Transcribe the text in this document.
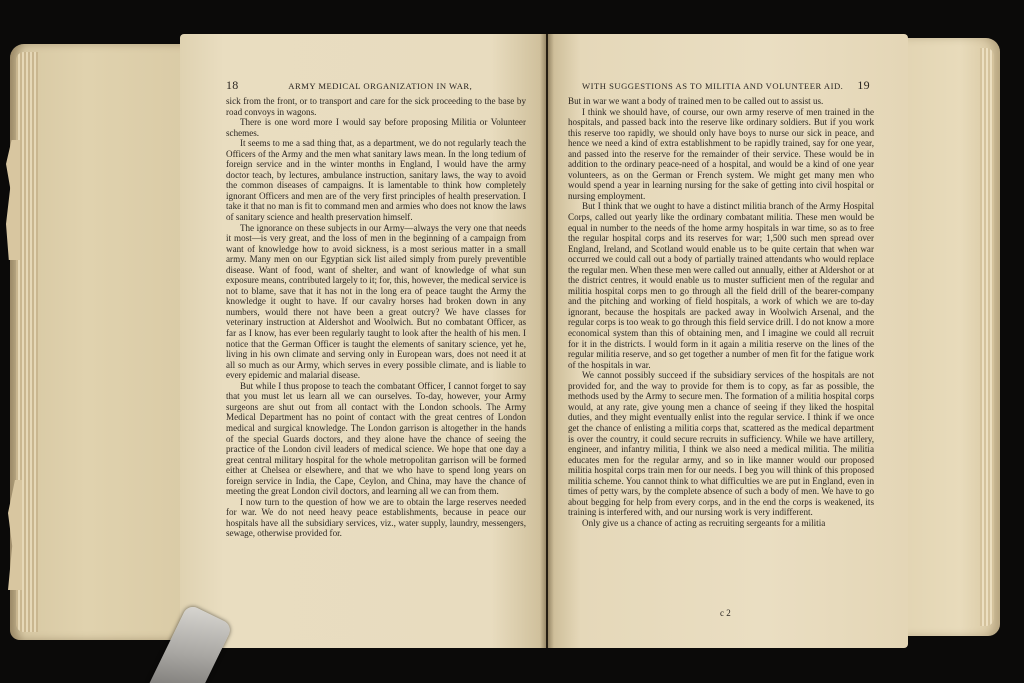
18	ARMY MEDICAL ORGANIZATION IN WAR,

sick from the front, or to transport and care for the sick proceeding to the base by road convoys in wagons.

There is one word more I would say before proposing Militia or Volunteer schemes.

It seems to me a sad thing that, as a department, we do not regularly teach the Officers of the Army and the men what sanitary laws mean. In the long tedium of foreign service and in the winter months in England, I would have the army doctor teach, by lectures, ambulance instruction, sanitary laws, the way to avoid the common diseases of campaigns. It is lamentable to think how completely ignorant Officers and men are of the very first principles of health preservation. I take it that no man is fit to command men and armies who does not know the laws of sanitary science and health preservation himself.

The ignorance on these subjects in our Army—always the very one that needs it most—is very great, and the loss of men in the beginning of a campaign from want of knowledge how to avoid sickness, is a most serious matter in a small army. Many men on our Egyptian sick list ailed simply from purely preventible disease. Want of food, want of shelter, and want of knowledge of what sun exposure means, contributed largely to it; for, this, however, the medical service is not to blame, save that it has not in the long era of peace taught the Army the knowledge it ought to have. If our cavalry horses had broken down in any numbers, would there not have been a great outcry? We have classes for veterinary instruction at Aldershot and Woolwich. But no combatant Officer, as far as I know, has ever been regularly taught to look after the health of his men. I notice that the German Officer is taught the elements of sanitary science, yet he, living in his own climate and serving only in European wars, does not need it at all so much as our Army, which serves in every possible climate, and is liable to every epidemic and malarial disease.

But while I thus propose to teach the combatant Officer, I cannot forget to say that you must let us learn all we can ourselves. To-day, however, your Army surgeons are shut out from all contact with the London schools. The Army Medical Department has no point of contact with the great centres of London medical and surgical knowledge. The London garrison is altogether in the hands of the special Guards doctors, and they alone have the chance of seeing the practice of the London civil leaders of medical science. We hope that one day a great central military hospital for the whole metropolitan garrison will be formed either at Chelsea or elsewhere, and that we who have to spend long years on foreign service in India, the Cape, Ceylon, and China, may have the chance of meeting the great London civil doctors, and learning all we can from them.

I now turn to the question of how we are to obtain the large reserves needed for war. We do not need heavy peace establishments, because in peace our hospitals have all the subsidiary services, viz., water supply, laundry, messengers, sewage, otherwise provided for.

WITH SUGGESTIONS AS TO MILITIA AND VOLUNTEER AID. 19

But in war we want a body of trained men to be called out to assist us.

I think we should have, of course, our own army reserve of men trained in the hospitals, and passed back into the reserve like ordinary soldiers. But if you work this reserve too rapidly, we should only have boys to nurse our sick in peace, and hence we need a kind of extra establishment to be rapidly trained, say for one year, and passed into the reserve for the remainder of their service. These would be in addition to the ordinary peace-need of a hospital, and would be a kind of one year volunteers, as on the German or French system. We might get many men who would spend a year in learning nursing for the sake of getting into civil hospital or nursing employment.

But I think that we ought to have a distinct militia branch of the Army Hospital Corps, called out yearly like the ordinary combatant militia. These men would be equal in number to the needs of the home army hospitals in war time, so as to free the regular hospital corps and its reserves for war; 1,500 such men spread over England, Ireland, and Scotland would enable us to be quite certain that when war occurred we could call out a body of partially trained attendants who would replace the regular men. When these men were called out annually, either at Aldershot or at the district centres, it would enable us to muster sufficient men of the regular and militia hospital corps men to go through all the field drill of the bearer-company and the pitching and working of field hospitals, a work of which we are to-day ignorant, because the hospitals are packed away in Woolwich Arsenal, and the regular corps is too weak to go through this field service drill. I do not know a more economical system than this of obtaining men, and I imagine we could all recruit for it in the districts. I would form in it again a militia reserve on the lines of the regular militia reserve, and so get together a number of men fit for the fatigue work of the hospitals in war.

We cannot possibly succeed if the subsidiary services of the hospitals are not provided for, and the way to provide for them is to copy, as far as possible, the methods used by the Army to secure men. The formation of a militia hospital corps would, at any rate, give young men a chance of seeing if they liked the hospital duties, and they might eventually enlist into the regular service. I think if we once get the chance of enlisting a militia corps that, scattered as the medical department is over the country, it could secure recruits in sufficiency. While we have artillery, engineer, and infantry militia, I think we also need a medical militia. The militia educates men for the regular army, and so in like manner would our proposed militia hospital corps train men for our needs. I beg you will think of this proposed militia scheme. You cannot think to what difficulties we are put in England, even in times of petty wars, by the complete absence of such a body of men. We have to go about begging for help from every corps, and in the end the corps is weakened, its training is interfered with, and our nursing work is very indifferent.

Only give us a chance of acting as recruiting sergeants for a militia

c 2
